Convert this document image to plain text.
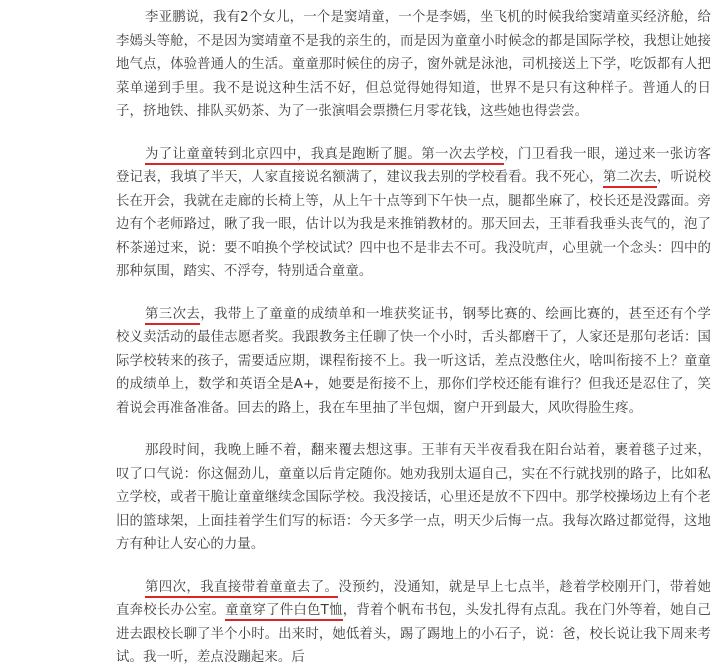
李亚鹏说，我有2个女儿，一个是窦靖童，一个是李嫣，坐飞机的时候我给窦靖童买经济舱，给李嫣头等舱，不是因为窦靖童不是我的亲生的，而是因为童童小时候念的都是国际学校，我想让她接地气点，体验普通人的生活。童童那时候住的房子，窗外就是泳池，司机接送上下学，吃饭都有人把菜单递到手里。我不是说这种生活不好，但总觉得她得知道，世界不是只有这种样子。普通人的日子，挤地铁、排队买奶茶、为了一张演唱会票攒仨月零花钱，这些她也得尝尝。

为了让童童转到北京四中，我真是跑断了腿。第一次去学校，门卫看我一眼，递过来一张访客登记表，我填了半天，人家直接说名额满了，建议我去别的学校看看。我不死心，第二次去，听说校长在开会，我就在走廊的长椅上等，从上午十点等到下午快一点，腿都坐麻了，校长还是没露面。旁边有个老师路过，瞅了我一眼，估计以为我是来推销教材的。那天回去，王菲看我垂头丧气的，泡了杯茶递过来，说：要不咱换个学校试试？四中也不是非去不可。我没吭声，心里就一个念头：四中的那种氛围，踏实、不浮夸，特别适合童童。

第三次去，我带上了童童的成绩单和一堆获奖证书，钢琴比赛的、绘画比赛的，甚至还有个学校义卖活动的最佳志愿者奖。我跟教务主任聊了快一个小时，舌头都磨干了，人家还是那句老话：国际学校转来的孩子，需要适应期，课程衔接不上。我一听这话，差点没憋住火，啥叫衔接不上？童童的成绩单上，数学和英语全是A+，她要是衔接不上，那你们学校还能有谁行？但我还是忍住了，笑着说会再准备准备。回去的路上，我在车里抽了半包烟，窗户开到最大，风吹得脸生疼。

那段时间，我晚上睡不着，翻来覆去想这事。王菲有天半夜看我在阳台站着，裹着毯子过来，叹了口气说：你这倔劲儿，童童以后肯定随你。她劝我别太逼自己，实在不行就找别的路子，比如私立学校，或者干脆让童童继续念国际学校。我没接话，心里还是放不下四中。那学校操场边上有个老旧的篮球架，上面挂着学生们写的标语：今天多学一点，明天少后悔一点。我每次路过都觉得，这地方有种让人安心的力量。

第四次，我直接带着童童去了。没预约，没通知，就是早上七点半，趁着学校刚开门，带着她直奔校长办公室。童童穿了件白色T恤，背着个帆布书包，头发扎得有点乱。我在门外等着，她自己进去跟校长聊了半个小时。出来时，她低着头，踢了踢地上的小石子，说：爸，校长说让我下周来考试。我一听，差点没蹦起来。后
